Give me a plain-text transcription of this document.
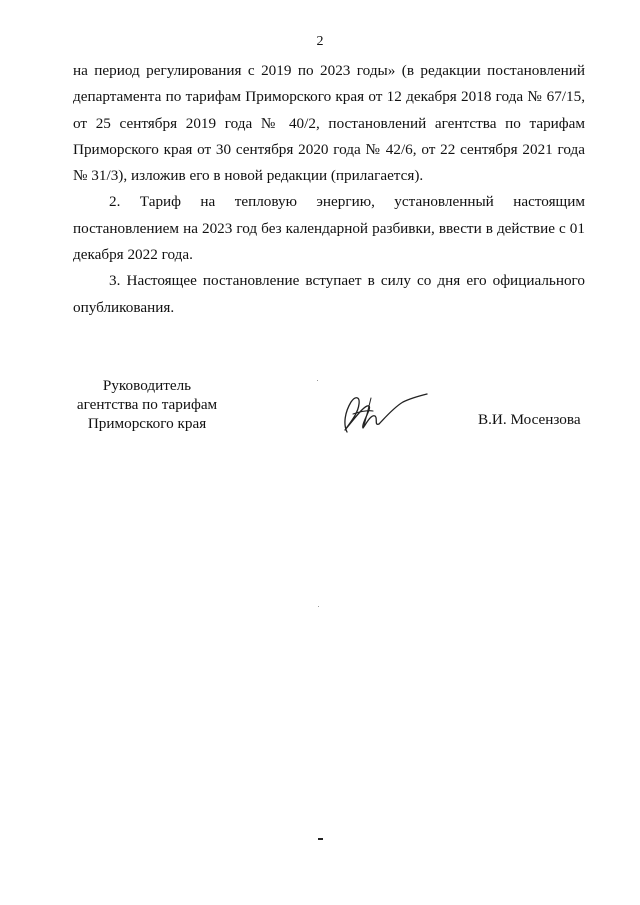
2

на период регулирования с 2019 по 2023 годы» (в редакции постановлений департамента по тарифам Приморского края от 12 декабря 2018 года № 67/15, от 25 сентября 2019 года № 40/2, постановлений агентства по тарифам Приморского края от 30 сентября 2020 года № 42/6, от 22 сентября 2021 года № 31/3), изложив его в новой редакции (прилагается).

2. Тариф на тепловую энергию, установленный настоящим постановлением на 2023 год без календарной разбивки, ввести в действие с 01 декабря 2022 года.

3. Настоящее постановление вступает в силу со дня его официального опубликования.

Руководитель
агентства по тарифам
Приморского края	В.И. Мосензова
